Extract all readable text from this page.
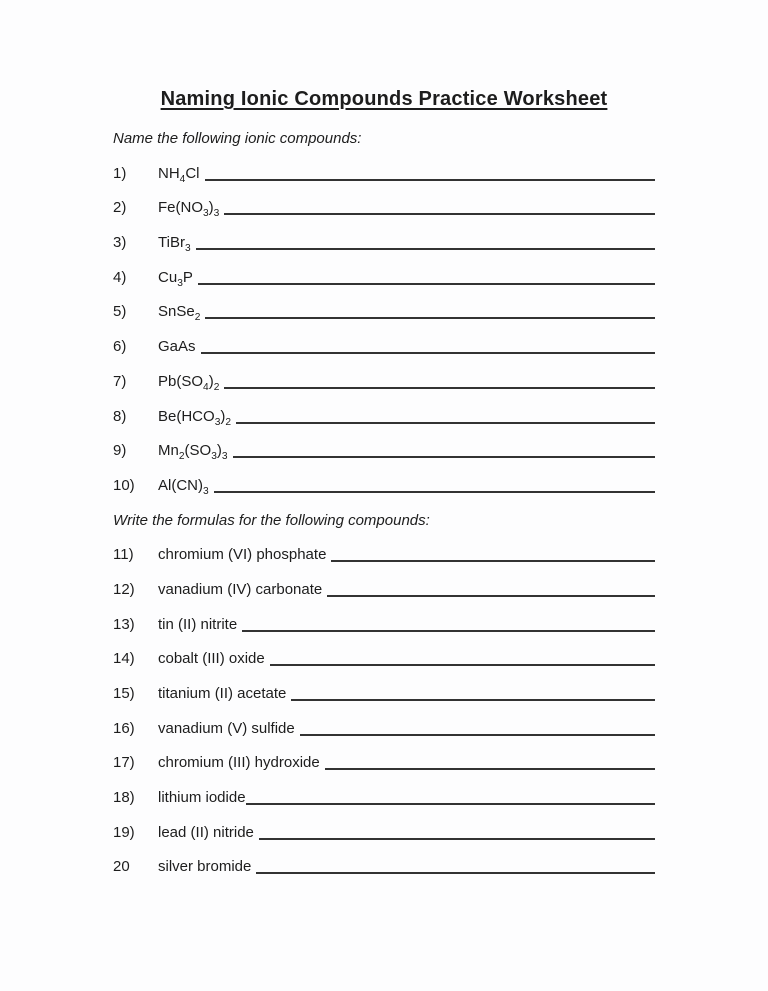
Naming Ionic Compounds Practice Worksheet
Name the following ionic compounds:
1)	$NH_4Cl$
2)	$Fe(NO_3)_3$
3)	TiBr$_3$
4)	$Cu_3P$
5)	SnSe$_2$
6)	GaAs
7)	$Pb(SO_4)_2$
8)	$Be(HCO_3)_2$
9)	$Mn_2(SO_3)_3$
10)	$Al(CN)_3$
Write the formulas for the following compounds:
11)	chromium (VI) phosphate
12)	vanadium (IV) carbonate
13)	tin (II) nitrite
14)	cobalt (III) oxide
15)	titanium (II) acetate
16)	vanadium (V) sulfide
17)	chromium (III) hydroxide
18)	lithium iodide
19)	lead (II) nitride
20	silver bromide
